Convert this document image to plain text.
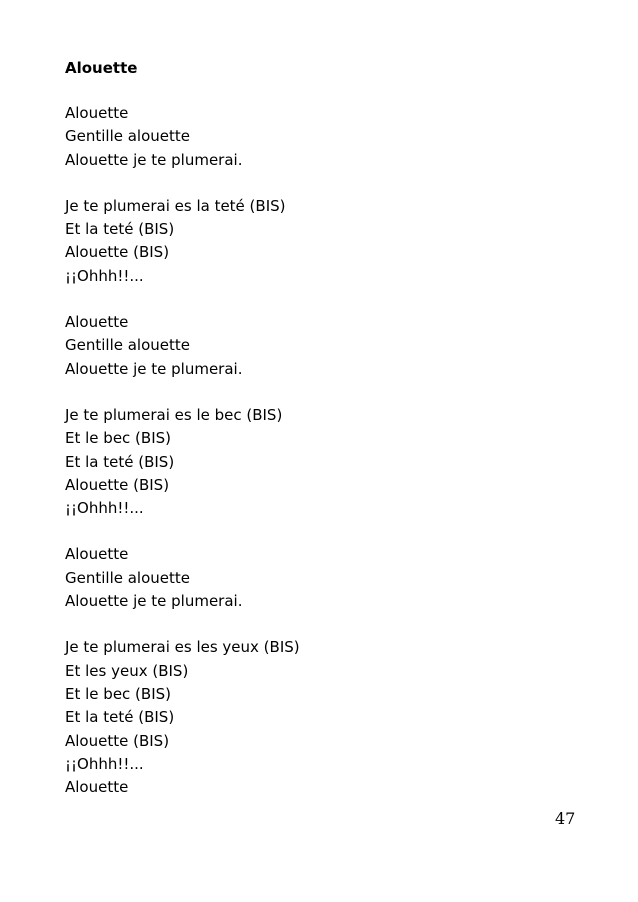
Alouette
Alouette
Gentille alouette
Alouette je te plumerai.
Je te plumerai es la teté (BIS)
Et la teté (BIS)
Alouette (BIS)
¡¡Ohhh!!...
Alouette
Gentille alouette
Alouette je te plumerai.
Je te plumerai es le bec (BIS)
Et le bec (BIS)
Et la teté (BIS)
Alouette (BIS)
¡¡Ohhh!!...
Alouette
Gentille alouette
Alouette je te plumerai.
Je te plumerai es les yeux (BIS)
Et les yeux (BIS)
Et le bec (BIS)
Et la teté (BIS)
Alouette (BIS)
¡¡Ohhh!!...
Alouette
47
